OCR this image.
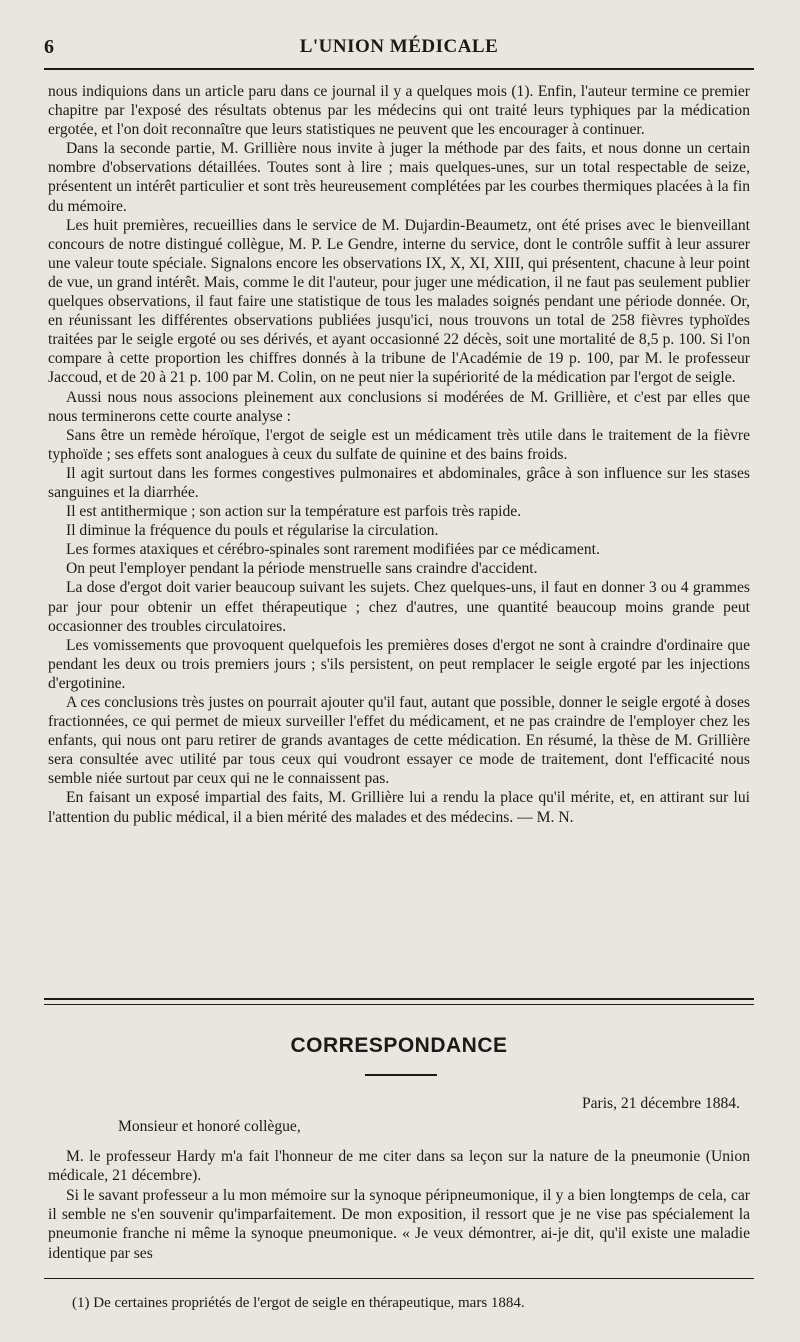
6	L'UNION MÉDICALE

nous indiquions dans un article paru dans ce journal il y a quelques mois (1). Enfin, l'auteur termine ce premier chapitre par l'exposé des résultats obtenus par les médecins qui ont traité leurs typhiques par la médication ergotée, et l'on doit reconnaître que leurs statistiques ne peuvent que les encourager à continuer.

Dans la seconde partie, M. Grillière nous invite à juger la méthode par des faits, et nous donne un certain nombre d'observations détaillées. Toutes sont à lire ; mais quelques-unes, sur un total respectable de seize, présentent un intérêt particulier et sont très heureusement complétées par les courbes thermiques placées à la fin du mémoire.

Les huit premières, recueillies dans le service de M. Dujardin-Beaumetz, ont été prises avec le bienveillant concours de notre distingué collègue, M. P. Le Gendre, interne du service, dont le contrôle suffit à leur assurer une valeur toute spéciale. Signalons encore les observations IX, X, XI, XIII, qui présentent, chacune à leur point de vue, un grand intérêt. Mais, comme le dit l'auteur, pour juger une médication, il ne faut pas seulement publier quelques observations, il faut faire une statistique de tous les malades soignés pendant une période donnée. Or, en réunissant les différentes observations publiées jusqu'ici, nous trouvons un total de 258 fièvres typhoïdes traitées par le seigle ergoté ou ses dérivés, et ayant occasionné 22 décès, soit une mortalité de 8,5 p. 100. Si l'on compare à cette proportion les chiffres donnés à la tribune de l'Académie de 19 p. 100, par M. le professeur Jaccoud, et de 20 à 21 p. 100 par M. Colin, on ne peut nier la supériorité de la médication par l'ergot de seigle.

Aussi nous nous associons pleinement aux conclusions si modérées de M. Grillière, et c'est par elles que nous terminerons cette courte analyse :

Sans être un remède héroïque, l'ergot de seigle est un médicament très utile dans le traitement de la fièvre typhoïde ; ses effets sont analogues à ceux du sulfate de quinine et des bains froids.

Il agit surtout dans les formes congestives pulmonaires et abdominales, grâce à son influence sur les stases sanguines et la diarrhée.

Il est antithermique ; son action sur la température est parfois très rapide.

Il diminue la fréquence du pouls et régularise la circulation.

Les formes ataxiques et cérébro-spinales sont rarement modifiées par ce médicament.

On peut l'employer pendant la période menstruelle sans craindre d'accident.

La dose d'ergot doit varier beaucoup suivant les sujets. Chez quelques-uns, il faut en donner 3 ou 4 grammes par jour pour obtenir un effet thérapeutique ; chez d'autres, une quantité beaucoup moins grande peut occasionner des troubles circulatoires.

Les vomissements que provoquent quelquefois les premières doses d'ergot ne sont à craindre d'ordinaire que pendant les deux ou trois premiers jours ; s'ils persistent, on peut remplacer le seigle ergoté par les injections d'ergotinine.

A ces conclusions très justes on pourrait ajouter qu'il faut, autant que possible, donner le seigle ergoté à doses fractionnées, ce qui permet de mieux surveiller l'effet du médicament, et ne pas craindre de l'employer chez les enfants, qui nous ont paru retirer de grands avantages de cette médication. En résumé, la thèse de M. Grillière sera consultée avec utilité par tous ceux qui voudront essayer ce mode de traitement, dont l'efficacité nous semble niée surtout par ceux qui ne le connaissent pas.

En faisant un exposé impartial des faits, M. Grillière lui a rendu la place qu'il mérite, et, en attirant sur lui l'attention du public médical, il a bien mérité des malades et des médecins. — M. N.

CORRESPONDANCE
Paris, 21 décembre 1884.
Monsieur et honoré collègue,

M. le professeur Hardy m'a fait l'honneur de me citer dans sa leçon sur la nature de la pneumonie (Union médicale, 21 décembre).

Si le savant professeur a lu mon mémoire sur la synoque péripneumonique, il y a bien longtemps de cela, car il semble ne s'en souvenir qu'imparfaitement. De mon exposition, il ressort que je ne vise pas spécialement la pneumonie franche ni même la synoque pneumonique. « Je veux démontrer, ai-je dit, qu'il existe une maladie identique par ses

(1) De certaines propriétés de l'ergot de seigle en thérapeutique, mars 1884.
